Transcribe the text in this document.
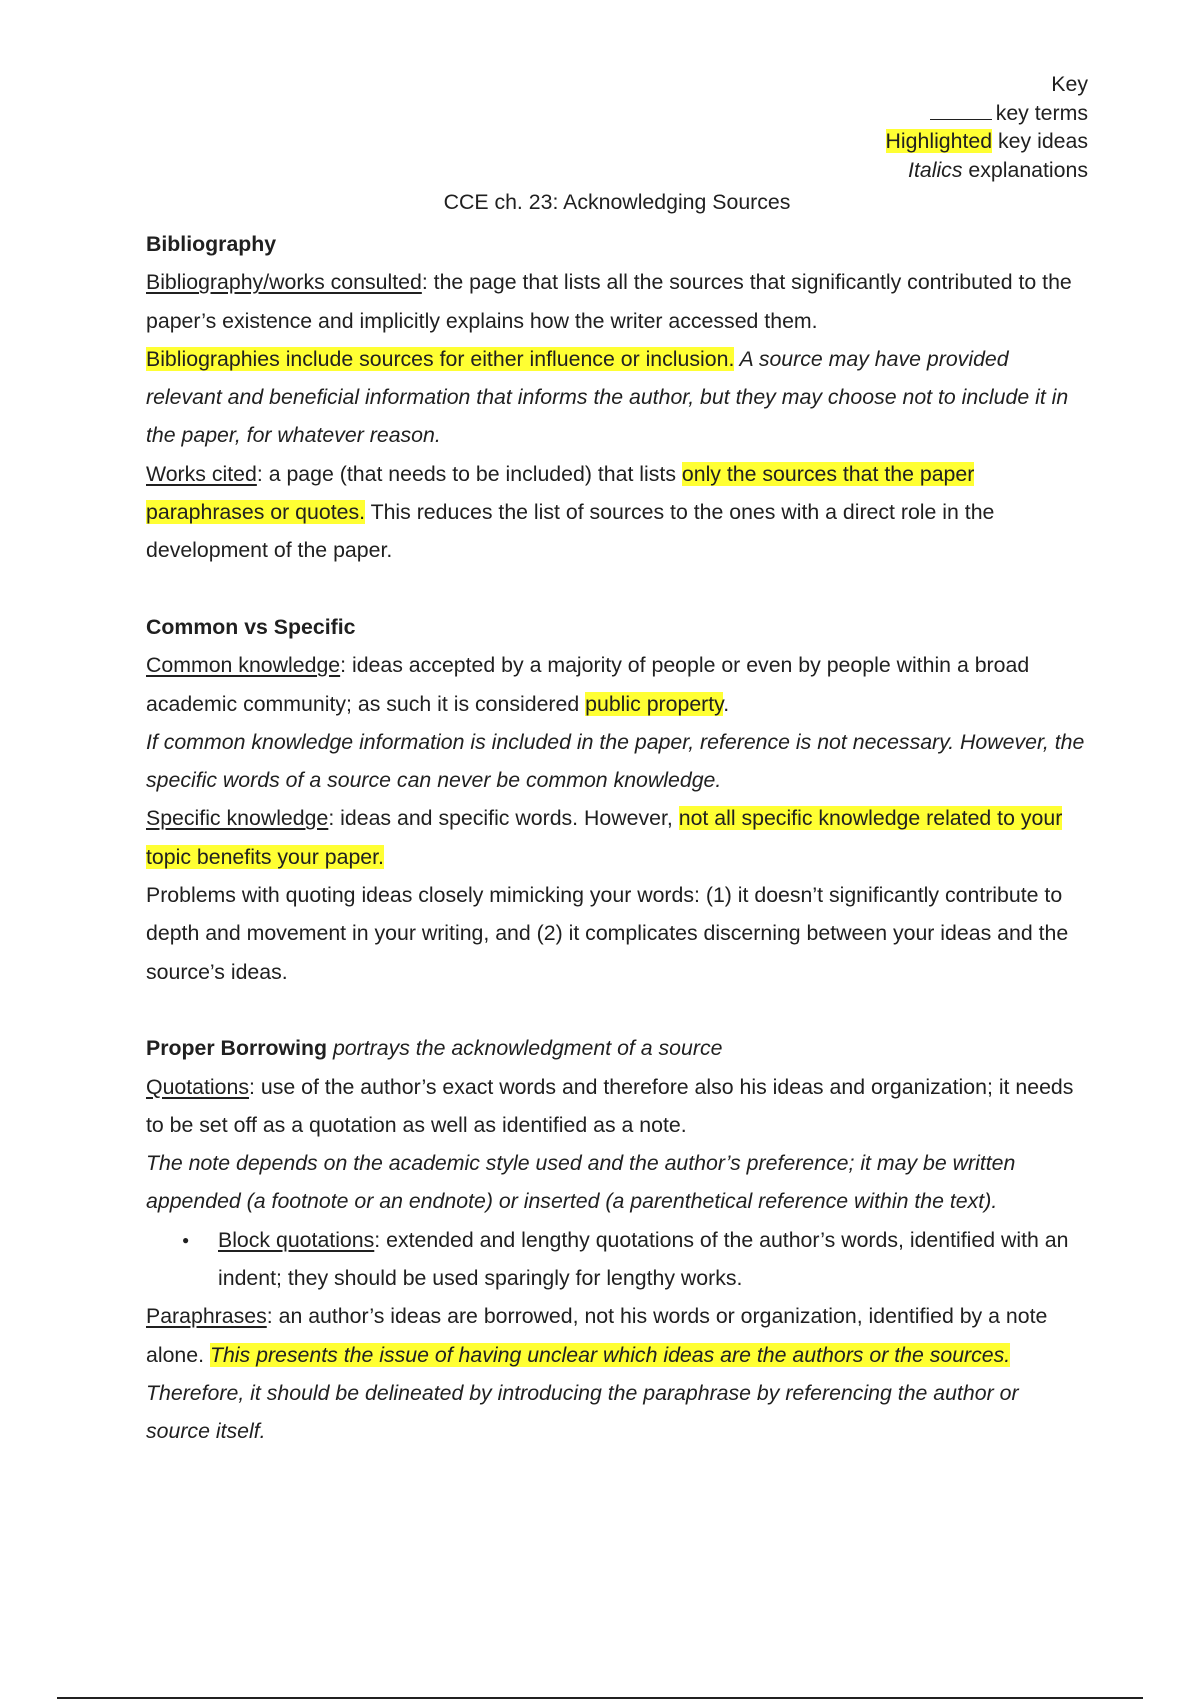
Key
key terms
Highlighted key ideas
Italics explanations
CCE ch. 23: Acknowledging Sources

Bibliography

Bibliography/works consulted: the page that lists all the sources that significantly contributed to the paper’s existence and implicitly explains how the writer accessed them.

Bibliographies include sources for either influence or inclusion. A source may have provided relevant and beneficial information that informs the author, but they may choose not to include it in the paper, for whatever reason.

Works cited: a page (that needs to be included) that lists only the sources that the paper paraphrases or quotes. This reduces the list of sources to the ones with a direct role in the development of the paper.

Common vs Specific

Common knowledge: ideas accepted by a majority of people or even by people within a broad academic community; as such it is considered public property.

If common knowledge information is included in the paper, reference is not necessary. However, the specific words of a source can never be common knowledge.

Specific knowledge: ideas and specific words. However, not all specific knowledge related to your topic benefits your paper.

Problems with quoting ideas closely mimicking your words: (1) it doesn’t significantly contribute to depth and movement in your writing, and (2) it complicates discerning between your ideas and the source’s ideas.

Proper Borrowing portrays the acknowledgment of a source

Quotations: use of the author’s exact words and therefore also his ideas and organization; it needs to be set off as a quotation as well as identified as a note.

The note depends on the academic style used and the author’s preference; it may be written appended (a footnote or an endnote) or inserted (a parenthetical reference within the text).

● Block quotations: extended and lengthy quotations of the author’s words, identified with an indent; they should be used sparingly for lengthy works.

Paraphrases: an author’s ideas are borrowed, not his words or organization, identified by a note alone. This presents the issue of having unclear which ideas are the authors or the sources. Therefore, it should be delineated by introducing the paraphrase by referencing the author or source itself.
